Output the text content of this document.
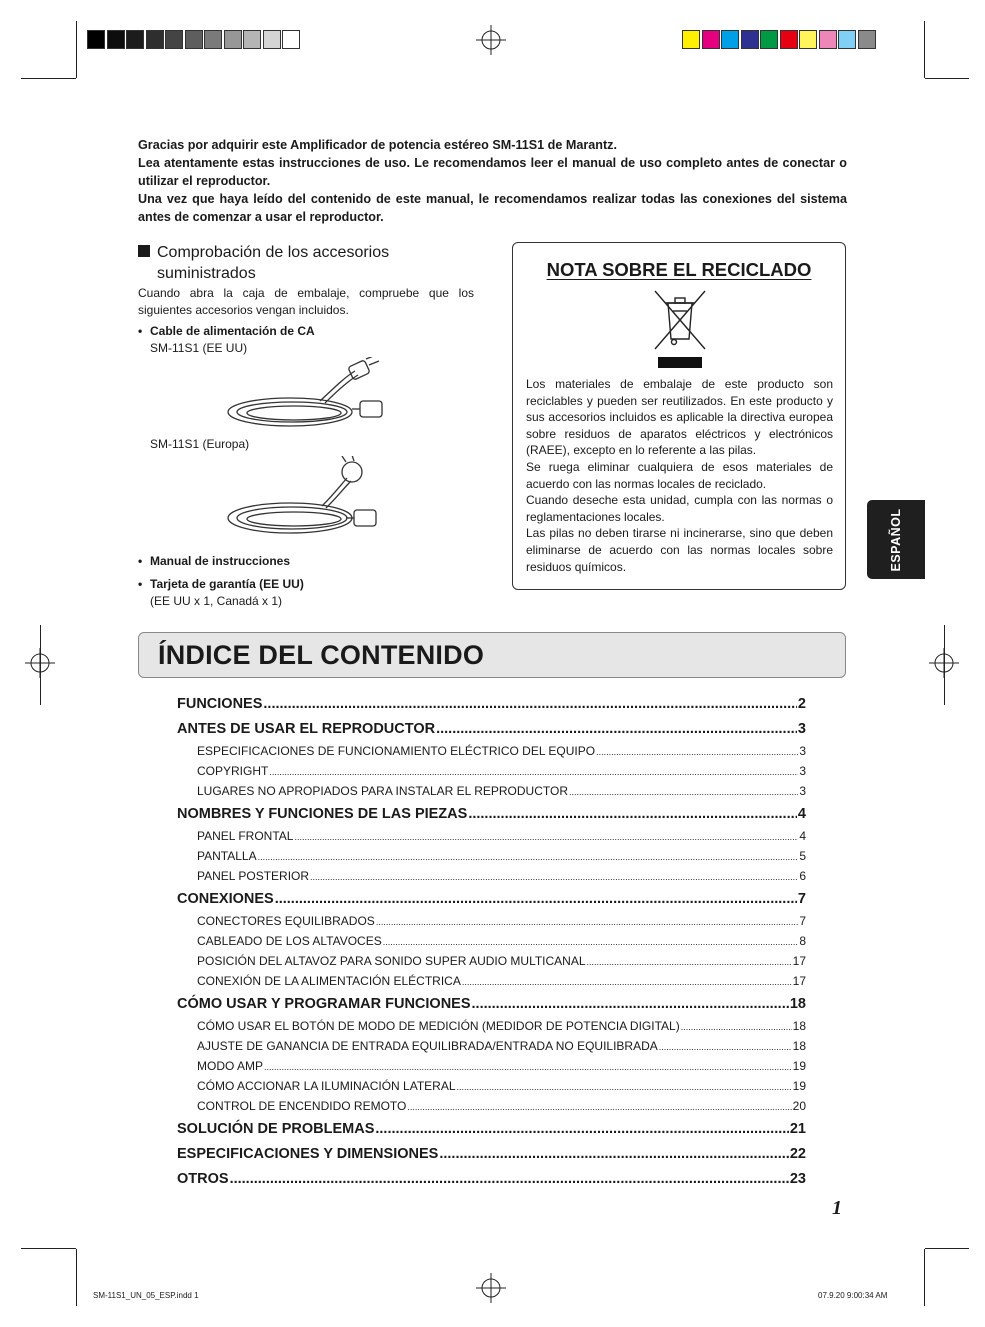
Gracias por adquirir este Amplificador de potencia estéreo SM-11S1 de Marantz.

Lea atentamente estas instrucciones de uso. Le recomendamos leer el manual de uso completo antes de conectar o utilizar el reproductor.

Una vez que haya leído del contenido de este manual, le recomendamos realizar todas las conexiones del sistema antes de comenzar a usar el reproductor.

Comprobación de los accesorios
suministrados

Cuando abra la caja de embalaje, compruebe que los siguientes accesorios vengan incluidos.

• Cable de alimentación de CA
SM-11S1 (EE UU)
SM-11S1 (Europa)
• Manual de instrucciones
• Tarjeta de garantía (EE UU)
(EE UU x 1, Canadá x 1)
NOTA SOBRE EL RECICLADO

Los materiales de embalaje de este producto son reciclables y pueden ser reutilizados. En este producto y sus accesorios incluidos es aplicable la directiva europea sobre residuos de aparatos eléctricos y electrónicos (RAEE), excepto en lo referente a las pilas.

Se ruega eliminar cualquiera de esos materiales de acuerdo con las normas locales de reciclado.

Cuando deseche esta unidad, cumpla con las normas o reglamentaciones locales.

Las pilas no deben tirarse ni incinerarse, sino que deben eliminarse de acuerdo con las normas locales sobre residuos químicos.	ESPAÑOL
ÍNDICE DEL CONTENIDO
FUNCIONES .....	2
ANTES DE USAR EL REPRODUCTOR .....	3
ESPECIFICACIONES DE FUNCIONAMIENTO ELÉCTRICO DEL EQUIPO .....	3
COPYRIGHT .....	3
LUGARES NO APROPIADOS PARA INSTALAR EL REPRODUCTOR .....	3
NOMBRES Y FUNCIONES DE LAS PIEZAS .....	4
PANEL FRONTAL .....	4
PANTALLA .....	5
PANEL POSTERIOR .....	6
CONEXIONES .....	7
CONECTORES EQUILIBRADOS .....	7
CABLEADO DE LOS ALTAVOCES .....	8
POSICIÓN DEL ALTAVOZ PARA SONIDO SUPER AUDIO MULTICANAL .....	17
CONEXIÓN DE LA ALIMENTACIÓN ELÉCTRICA .....	17
CÓMO USAR Y PROGRAMAR FUNCIONES .....	18
CÓMO USAR EL BOTÓN DE MODO DE MEDICIÓN (MEDIDOR DE POTENCIA DIGITAL) .....	18
AJUSTE DE GANANCIA DE ENTRADA EQUILIBRADA/ENTRADA NO EQUILIBRADA .....	18
MODO AMP .....	19
CÓMO ACCIONAR LA ILUMINACIÓN LATERAL .....	19
CONTROL DE ENCENDIDO REMOTO .....	20
SOLUCIÓN DE PROBLEMAS .....	21
ESPECIFICACIONES Y DIMENSIONES .....	22
OTROS .....	23
1
SM-11S1_UN_05_ESP.indd 1	07.9.20 9:00:34 AM
